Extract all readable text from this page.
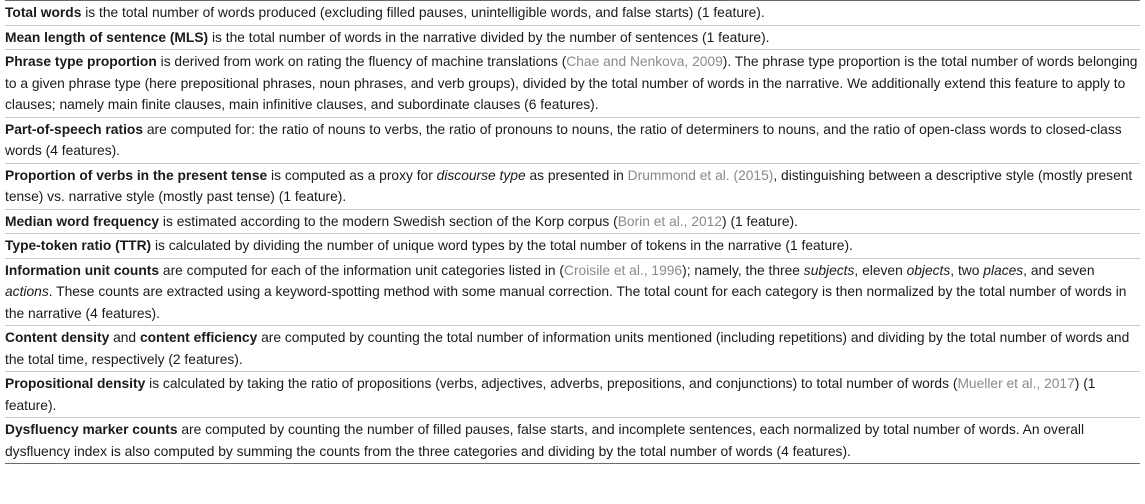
Total words is the total number of words produced (excluding filled pauses, unintelligible words, and false starts) (1 feature).
Mean length of sentence (MLS) is the total number of words in the narrative divided by the number of sentences (1 feature).
Phrase type proportion is derived from work on rating the fluency of machine translations (Chae and Nenkova, 2009). The phrase type proportion is the total number of words belonging to a given phrase type (here prepositional phrases, noun phrases, and verb groups), divided by the total number of words in the narrative. We additionally extend this feature to apply to clauses; namely main finite clauses, main infinitive clauses, and subordinate clauses (6 features).
Part-of-speech ratios are computed for: the ratio of nouns to verbs, the ratio of pronouns to nouns, the ratio of determiners to nouns, and the ratio of open-class words to closed-class words (4 features).
Proportion of verbs in the present tense is computed as a proxy for discourse type as presented in Drummond et al. (2015), distinguishing between a descriptive style (mostly present tense) vs. narrative style (mostly past tense) (1 feature).
Median word frequency is estimated according to the modern Swedish section of the Korp corpus (Borin et al., 2012) (1 feature).
Type-token ratio (TTR) is calculated by dividing the number of unique word types by the total number of tokens in the narrative (1 feature).
Information unit counts are computed for each of the information unit categories listed in (Croisile et al., 1996); namely, the three subjects, eleven objects, two places, and seven actions. These counts are extracted using a keyword-spotting method with some manual correction. The total count for each category is then normalized by the total number of words in the narrative (4 features).
Content density and content efficiency are computed by counting the total number of information units mentioned (including repetitions) and dividing by the total number of words and the total time, respectively (2 features).
Propositional density is calculated by taking the ratio of propositions (verbs, adjectives, adverbs, prepositions, and conjunctions) to total number of words (Mueller et al., 2017) (1 feature).
Dysfluency marker counts are computed by counting the number of filled pauses, false starts, and incomplete sentences, each normalized by total number of words. An overall dysfluency index is also computed by summing the counts from the three categories and dividing by the total number of words (4 features).
